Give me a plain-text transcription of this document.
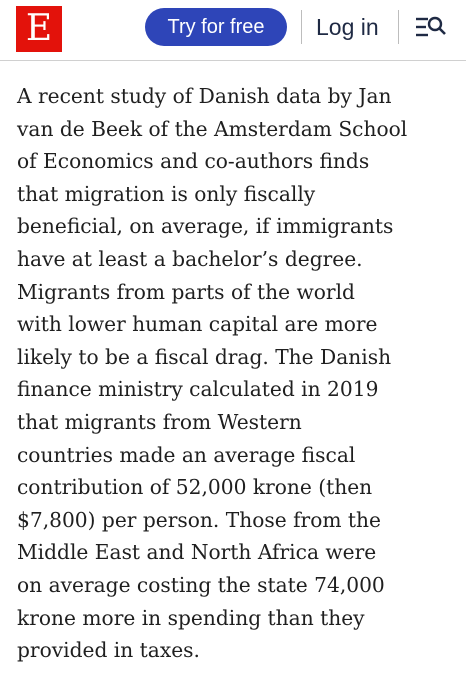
E	Try for free	Log in

A recent study of Danish data by Jan
van de Beek of the Amsterdam School
of Economics and co-authors finds
that migration is only fiscally
beneficial, on average, if immigrants
have at least a bachelor’s degree.
Migrants from parts of the world
with lower human capital are more
likely to be a fiscal drag. The Danish
finance ministry calculated in 2019
that migrants from Western
countries made an average fiscal
contribution of 52,000 krone (then
$7,800) per person. Those from the
Middle East and North Africa were
on average costing the state 74,000
krone more in spending than they
provided in taxes.
